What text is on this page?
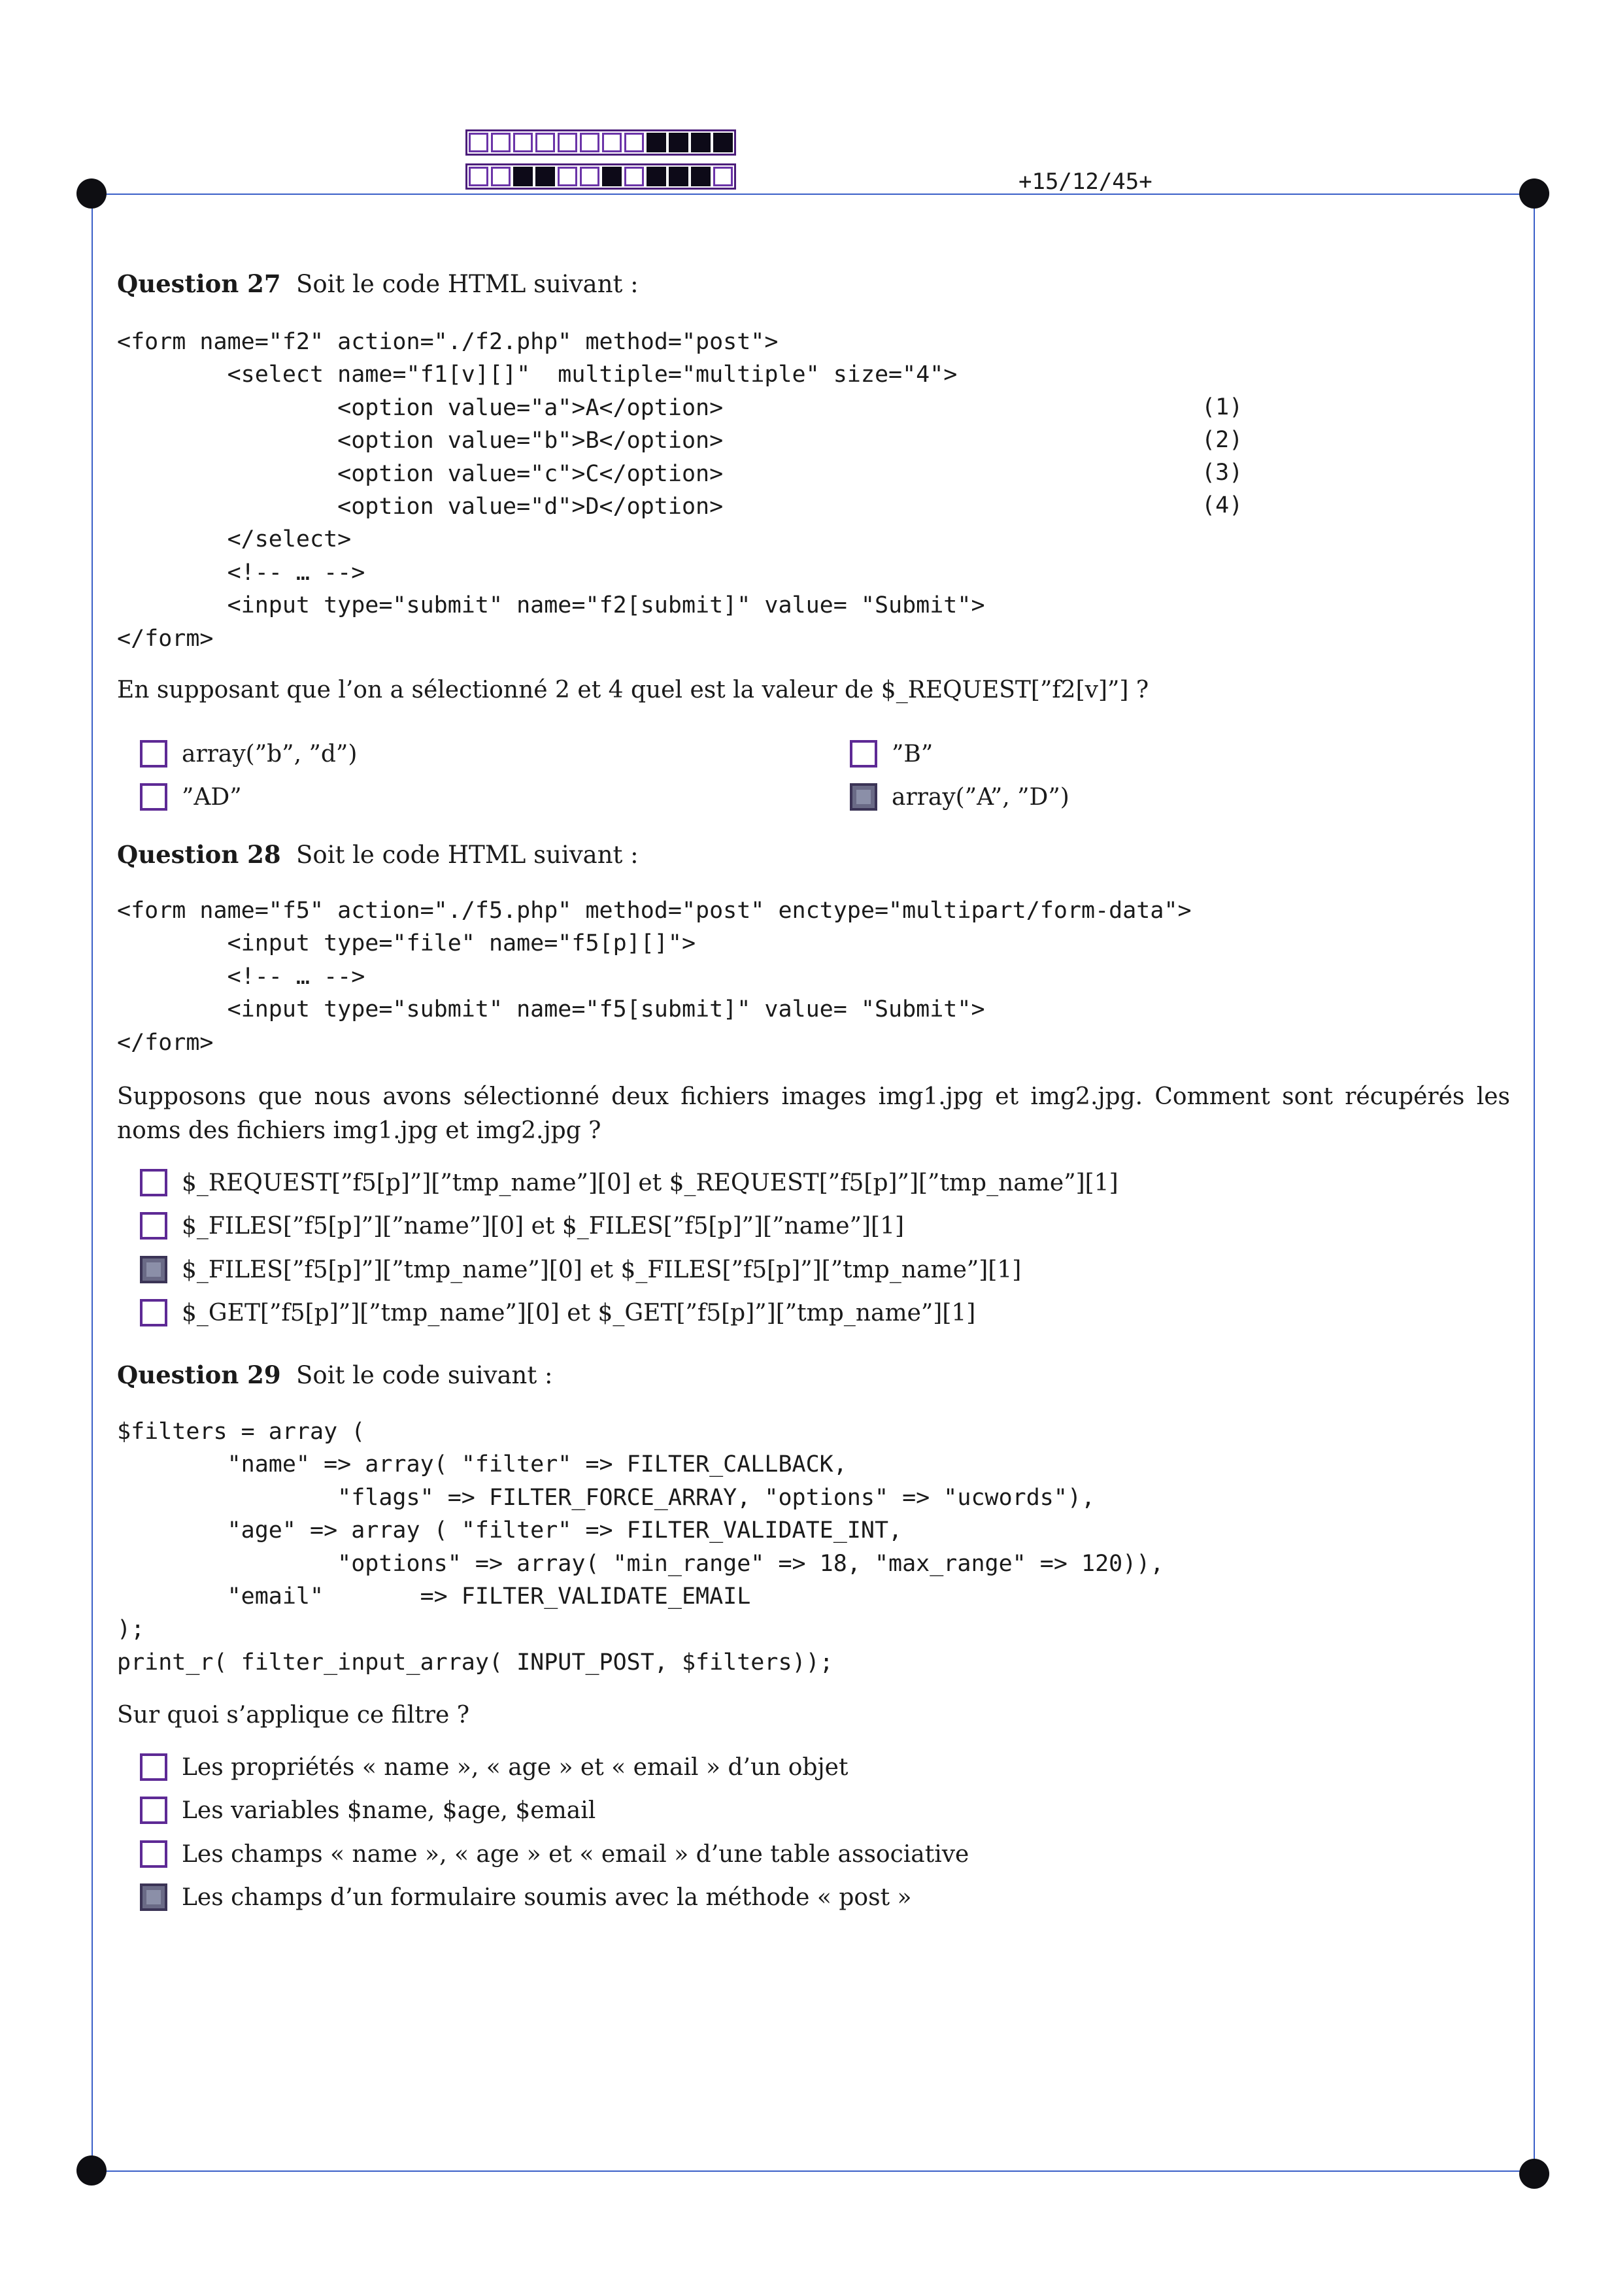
+15/12/45+
Question 27 Soit le code HTML suivant :
<form name="f2" action="./f2.php" method="post">
<select name="f1[v][]"  multiple="multiple" size="4">
<option value="a">A</option>
<option value="b">B</option>
<option value="c">C</option>
<option value="d">D</option>
</select>
<!-- … -->
<input type="submit" name="f2[submit]" value= "Submit">
</form>
(1)
(2)
(3)
(4)
En supposant que l’on a sélectionné 2 et 4 quel est la valeur de $_REQUEST[”f2[v]”] ?
array(”b”, ”d”)
”AD”
”B”
array(”A”, ”D”)
Question 28 Soit le code HTML suivant :
<form name="f5" action="./f5.php" method="post" enctype="multipart/form-data">
<input type="file" name="f5[p][]">
<!-- … -->
<input type="submit" name="f5[submit]" value= "Submit">
</form>
Supposons que nous avons sélectionné deux fichiers images img1.jpg et img2.jpg. Comment sont récupérés les noms des fichiers img1.jpg et img2.jpg ?
$_REQUEST[”f5[p]”][”tmp_name”][0] et $_REQUEST[”f5[p]”][”tmp_name”][1]
$_FILES[”f5[p]”][”name”][0] et $_FILES[”f5[p]”][”name”][1]
$_FILES[”f5[p]”][”tmp_name”][0] et $_FILES[”f5[p]”][”tmp_name”][1]
$_GET[”f5[p]”][”tmp_name”][0] et $_GET[”f5[p]”][”tmp_name”][1]
Question 29 Soit le code suivant :
$filters = array (
"name" => array( "filter" => FILTER_CALLBACK,
"flags" => FILTER_FORCE_ARRAY, "options" => "ucwords"),
"age" => array ( "filter" => FILTER_VALIDATE_INT,
"options" => array( "min_range" => 18, "max_range" => 120)),
"email"       => FILTER_VALIDATE_EMAIL
);
print_r( filter_input_array( INPUT_POST, $filters));
Sur quoi s’applique ce filtre ?
Les propriétés « name », « age » et « email » d’un objet
Les variables $name, $age, $email
Les champs « name », « age » et « email » d’une table associative
Les champs d’un formulaire soumis avec la méthode « post »
